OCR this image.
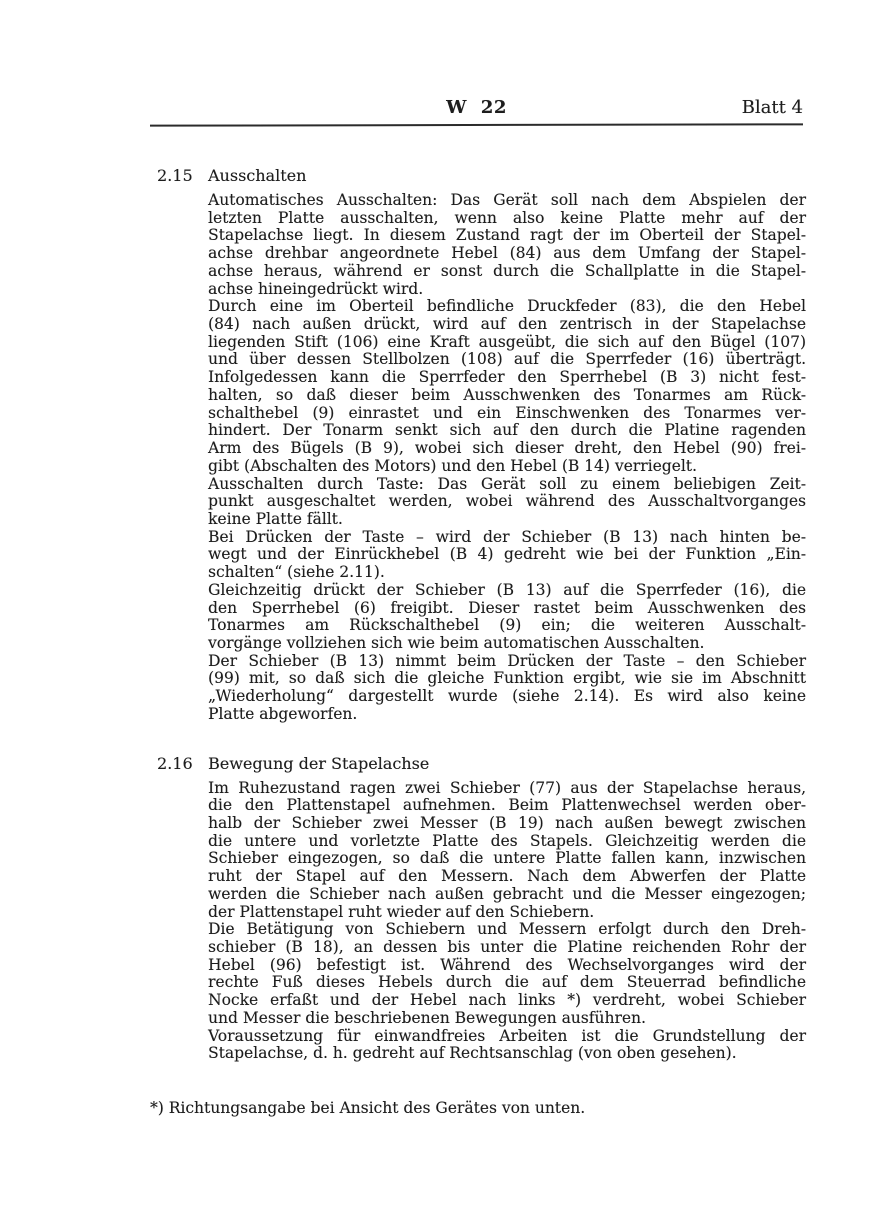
W 22	Blatt 4
2.15 Ausschalten
Automatisches Ausschalten: Das Gerät soll nach dem Abspielen der
letzten Platte ausschalten, wenn also keine Platte mehr auf der
Stapelachse liegt. In diesem Zustand ragt der im Oberteil der Stapel-
achse drehbar angeordnete Hebel (84) aus dem Umfang der Stapel-
achse heraus, während er sonst durch die Schallplatte in die Stapel-
achse hineingedrückt wird.
Durch eine im Oberteil befindliche Druckfeder (83), die den Hebel
(84) nach außen drückt, wird auf den zentrisch in der Stapelachse
liegenden Stift (106) eine Kraft ausgeübt, die sich auf den Bügel (107)
und über dessen Stellbolzen (108) auf die Sperrfeder (16) überträgt.
Infolgedessen kann die Sperrfeder den Sperrhebel (B 3) nicht fest-
halten, so daß dieser beim Ausschwenken des Tonarmes am Rück-
schalthebel (9) einrastet und ein Einschwenken des Tonarmes ver-
hindert. Der Tonarm senkt sich auf den durch die Platine ragenden
Arm des Bügels (B 9), wobei sich dieser dreht, den Hebel (90) frei-
gibt (Abschalten des Motors) und den Hebel (B 14) verriegelt.
Ausschalten durch Taste: Das Gerät soll zu einem beliebigen Zeit-
punkt ausgeschaltet werden, wobei während des Ausschaltvorganges
keine Platte fällt.
Bei Drücken der Taste – wird der Schieber (B 13) nach hinten be-
wegt und der Einrückhebel (B 4) gedreht wie bei der Funktion „Ein-
schalten“ (siehe 2.11).
Gleichzeitig drückt der Schieber (B 13) auf die Sperrfeder (16), die
den Sperrhebel (6) freigibt. Dieser rastet beim Ausschwenken des
Tonarmes am Rückschalthebel (9) ein; die weiteren Ausschalt-
vorgänge vollziehen sich wie beim automatischen Ausschalten.
Der Schieber (B 13) nimmt beim Drücken der Taste – den Schieber
(99) mit, so daß sich die gleiche Funktion ergibt, wie sie im Abschnitt
„Wiederholung“ dargestellt wurde (siehe 2.14). Es wird also keine
Platte abgeworfen.
2.16 Bewegung der Stapelachse
Im Ruhezustand ragen zwei Schieber (77) aus der Stapelachse heraus,
die den Plattenstapel aufnehmen. Beim Plattenwechsel werden ober-
halb der Schieber zwei Messer (B 19) nach außen bewegt zwischen
die untere und vorletzte Platte des Stapels. Gleichzeitig werden die
Schieber eingezogen, so daß die untere Platte fallen kann, inzwischen
ruht der Stapel auf den Messern. Nach dem Abwerfen der Platte
werden die Schieber nach außen gebracht und die Messer eingezogen;
der Plattenstapel ruht wieder auf den Schiebern.
Die Betätigung von Schiebern und Messern erfolgt durch den Dreh-
schieber (B 18), an dessen bis unter die Platine reichenden Rohr der
Hebel (96) befestigt ist. Während des Wechselvorganges wird der
rechte Fuß dieses Hebels durch die auf dem Steuerrad befindliche
Nocke erfaßt und der Hebel nach links *) verdreht, wobei Schieber
und Messer die beschriebenen Bewegungen ausführen.
Voraussetzung für einwandfreies Arbeiten ist die Grundstellung der
Stapelachse, d. h. gedreht auf Rechtsanschlag (von oben gesehen).
*) Richtungsangabe bei Ansicht des Gerätes von unten.
